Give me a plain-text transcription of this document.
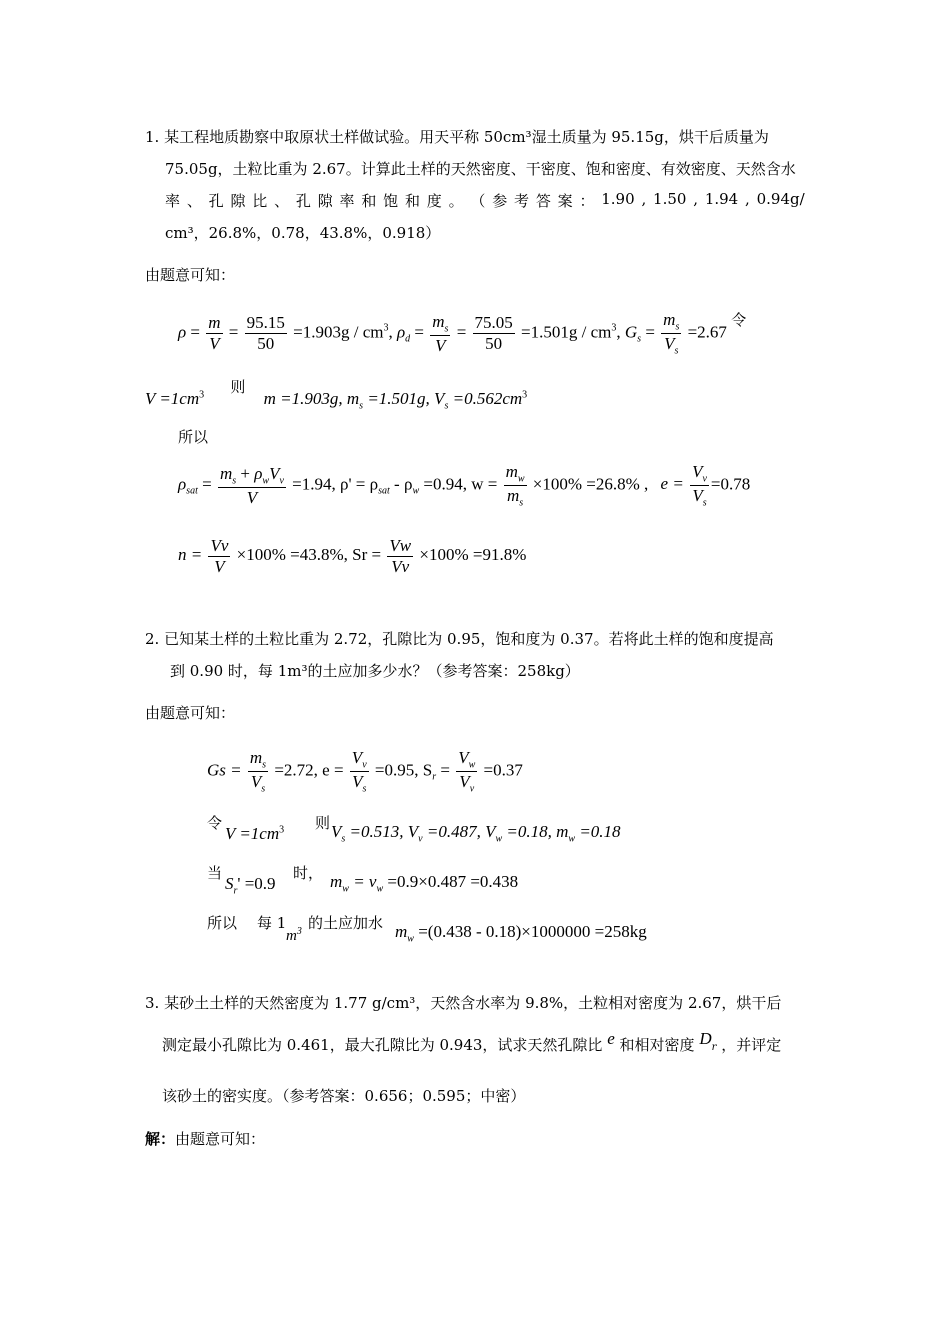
1. 某工程地质勘察中取原状土样做试验。用天平称 50cm³湿土质量为 95.15g，烘干后质量为
75.05g，土粒比重为 2.67。计算此土样的天然密度、干密度、饱和密度、有效密度、天然含水
率 、 孔 隙 比 、 孔 隙 率 和 饱 和 度 。 （ 参 考 答 案 ： 1.90 , 1.50 , 1.94 , 0.94g/
cm³，26.8%，0.78，43.8%，0.918）
由题意可知：
$\rho = \frac{m}{V} = \frac{95.15}{50} =1.903g / cm^3$, $\rho_d = \frac{m_s}{V} = \frac{75.05}{50} =1.501g / cm^3$, $G_s = \frac{m_s}{V_s} =2.67$ 令
$V =1cm^3$ 则 m =1.903g, $m_s =1.501g$, $V_s =0.562cm^3$
所以
$\rho_{sat} = \frac{m_s + \rho_wV_v}{V} =1.94$, $\rho' = \rho_{sat} - \rho_w =0.94$, $w = \frac{m_w}{m_s} \times 100\% =26.8\%$ , $e = \frac{V_v}{V_s} =0.78$
$n = \frac{Vv}{V} \times 100\% =43.8\%$, $Sr = \frac{Vw}{Vv} \times 100\% =91.8\%$
2. 已知某土样的土粒比重为 2.72，孔隙比为 0.95，饱和度为 0.37。若将此土样的饱和度提高
到 0.90 时，每 1m³的土应加多少水？（参考答案：258kg）
由题意可知：
$Gs = \frac{m_s}{V_s} =2.72$, $e = \frac{V_v}{V_s} =0.95$, $S_r = \frac{V_w}{V_v} =0.37$
令
$V =1cm^3$ 则 $V_s =0.513$, $V_v =0.487$, $V_w =0.18$, $m_w =0.18$
当
$S_r' =0.9$
时， $m_w = v_w =0.9\times 0.487 =0.438$
所以 每 1
$m^3$ 的土应加水 $m_w =(0.438 - 0.18)\times 1000000 =258kg$
3. 某砂土土样的天然密度为 1.77 g/cm³，天然含水率为 9.8%，土粒相对密度为 2.67，烘干后
测定最小孔隙比为 0.461，最大孔隙比为 0.943，试求天然孔隙比 e 和相对密度 $D_r$ ，并评定
该砂土的密实度。（参考答案：0.656；0.595；中密）
解：由题意可知：
